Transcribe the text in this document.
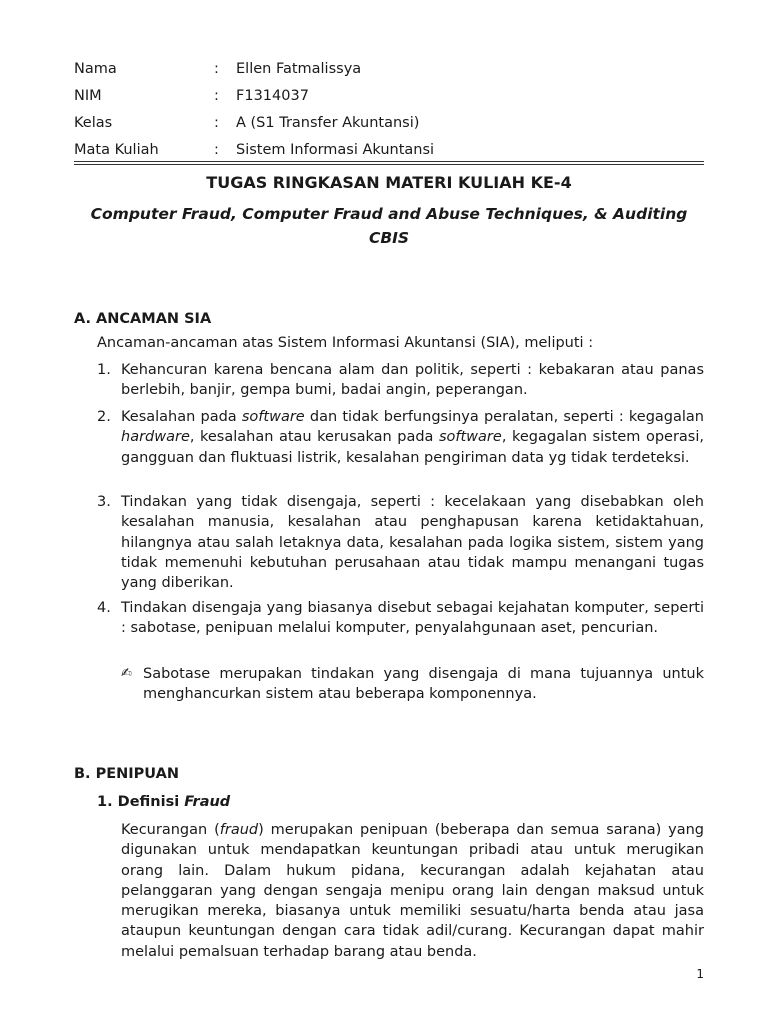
Nama	: Ellen Fatmalissya
NIM	: F1314037
Kelas	: A (S1 Transfer Akuntansi)
Mata Kuliah	: Sistem Informasi Akuntansi
TUGAS RINGKASAN MATERI KULIAH KE-4
Computer Fraud, Computer Fraud and Abuse Techniques, & Auditing CBIS
A. ANCAMAN SIA
Ancaman-ancaman atas Sistem Informasi Akuntansi (SIA), meliputi :
1. Kehancuran karena bencana alam dan politik, seperti : kebakaran atau panas berlebih, banjir, gempa bumi, badai angin, peperangan.
2. Kesalahan pada software dan tidak berfungsinya peralatan, seperti : kegagalan hardware, kesalahan atau kerusakan pada software, kegagalan sistem operasi, gangguan dan fluktuasi listrik, kesalahan pengiriman data yg tidak terdeteksi.
3. Tindakan yang tidak disengaja, seperti : kecelakaan yang disebabkan oleh kesalahan manusia, kesalahan atau penghapusan karena ketidaktahuan, hilangnya atau salah letaknya data, kesalahan pada logika sistem, sistem yang tidak memenuhi kebutuhan perusahaan atau tidak mampu menangani tugas yang diberikan.
4. Tindakan disengaja yang biasanya disebut sebagai kejahatan komputer, seperti : sabotase, penipuan melalui komputer, penyalahgunaan aset, pencurian.
✍ Sabotase merupakan tindakan yang disengaja di mana tujuannya untuk menghancurkan sistem atau beberapa komponennya.
B. PENIPUAN
1. Definisi Fraud
Kecurangan (fraud) merupakan penipuan (beberapa dan semua sarana) yang digunakan untuk mendapatkan keuntungan pribadi atau untuk merugikan orang lain. Dalam hukum pidana, kecurangan adalah kejahatan atau pelanggaran yang dengan sengaja menipu orang lain dengan maksud untuk merugikan mereka, biasanya untuk memiliki sesuatu/harta benda atau jasa ataupun keuntungan dengan cara tidak adil/curang. Kecurangan dapat mahir melalui pemalsuan terhadap barang atau benda.
1
